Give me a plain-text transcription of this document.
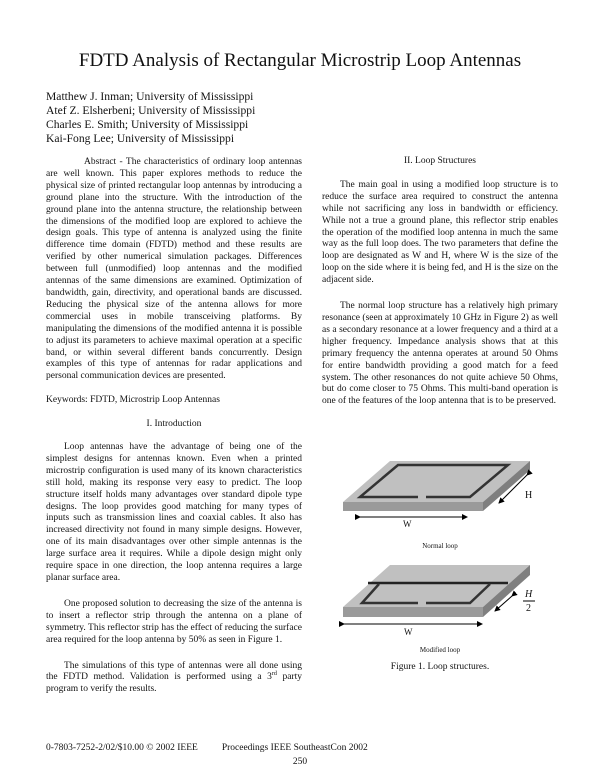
FDTD Analysis of Rectangular Microstrip Loop Antennas
Matthew J. Inman; University of Mississippi
Atef Z. Elsherbeni; University of Mississippi
Charles E. Smith; University of Mississippi
Kai-Fong Lee; University of Mississippi

Abstract - The characteristics of ordinary loop antennas are well known. This paper explores methods to reduce the physical size of printed rectangular loop antennas by introducing a ground plane into the structure. With the introduction of the ground plane into the antenna structure, the relationship between the dimensions of the modified loop are explored to achieve the design goals. This type of antenna is analyzed using the finite difference time domain (FDTD) method and these results are verified by other numerical simulation packages. Differences between full (unmodified) loop antennas and the modified antennas of the same dimensions are examined. Optimization of bandwidth, gain, directivity, and operational bands are discussed. Reducing the physical size of the antenna allows for more commercial uses in mobile transceiving platforms. By manipulating the dimensions of the modified antenna it is possible to adjust its parameters to achieve maximal operation at a specific band, or within several different bands concurrently. Design examples of this type of antennas for radar applications and personal communication devices are presented.

Keywords: FDTD, Microstrip Loop Antennas

I. Introduction

Loop antennas have the advantage of being one of the simplest designs for antennas known. Even when a printed microstrip configuration is used many of its known characteristics still hold, making its response very easy to predict. The loop structure itself holds many advantages over standard dipole type designs. The loop provides good matching for many types of inputs such as transmission lines and coaxial cables. It also has increased directivity not found in many simple designs. However, one of its main disadvantages over other simple antennas is the large surface area it requires. While a dipole design might only require space in one direction, the loop antenna requires a large planar surface area.

One proposed solution to decreasing the size of the antenna is to insert a reflector strip through the antenna on a plane of symmetry. This reflector strip has the effect of reducing the surface area required for the loop antenna by 50% as seen in Figure 1.

The simulations of this type of antennas were all done using the FDTD method. Validation is performed using a 3rd party program to verify the results.

II. Loop Structures

The main goal in using a modified loop structure is to reduce the surface area required to construct the antenna while not sacrificing any loss in bandwidth or efficiency. While not a true a ground plane, this reflector strip enables the operation of the modified loop antenna in much the same way as the full loop does. The two parameters that define the loop are designated as W and H, where W is the size of the loop on the side where it is being fed, and H is the size on the adjacent side.

The normal loop structure has a relatively high primary resonance (seen at approximately 10 GHz in Figure 2) as well as a secondary resonance at a lower frequency and a third at a higher frequency. Impedance analysis shows that at this primary frequency the antenna operates at around 50 Ohms for entire bandwidth providing a good match for a feed system. The other resonances do not quite achieve 50 Ohms, but do come closer to 75 Ohms. This multi-band operation is one of the features of the loop antenna that is to be preserved.

H
W
Normal loop
H
2
W
Modified loop
Figure 1. Loop structures.
0-7803-7252-2/02/$10.00 © 2002 IEEE	Proceedings IEEE SoutheastCon 2002
250
